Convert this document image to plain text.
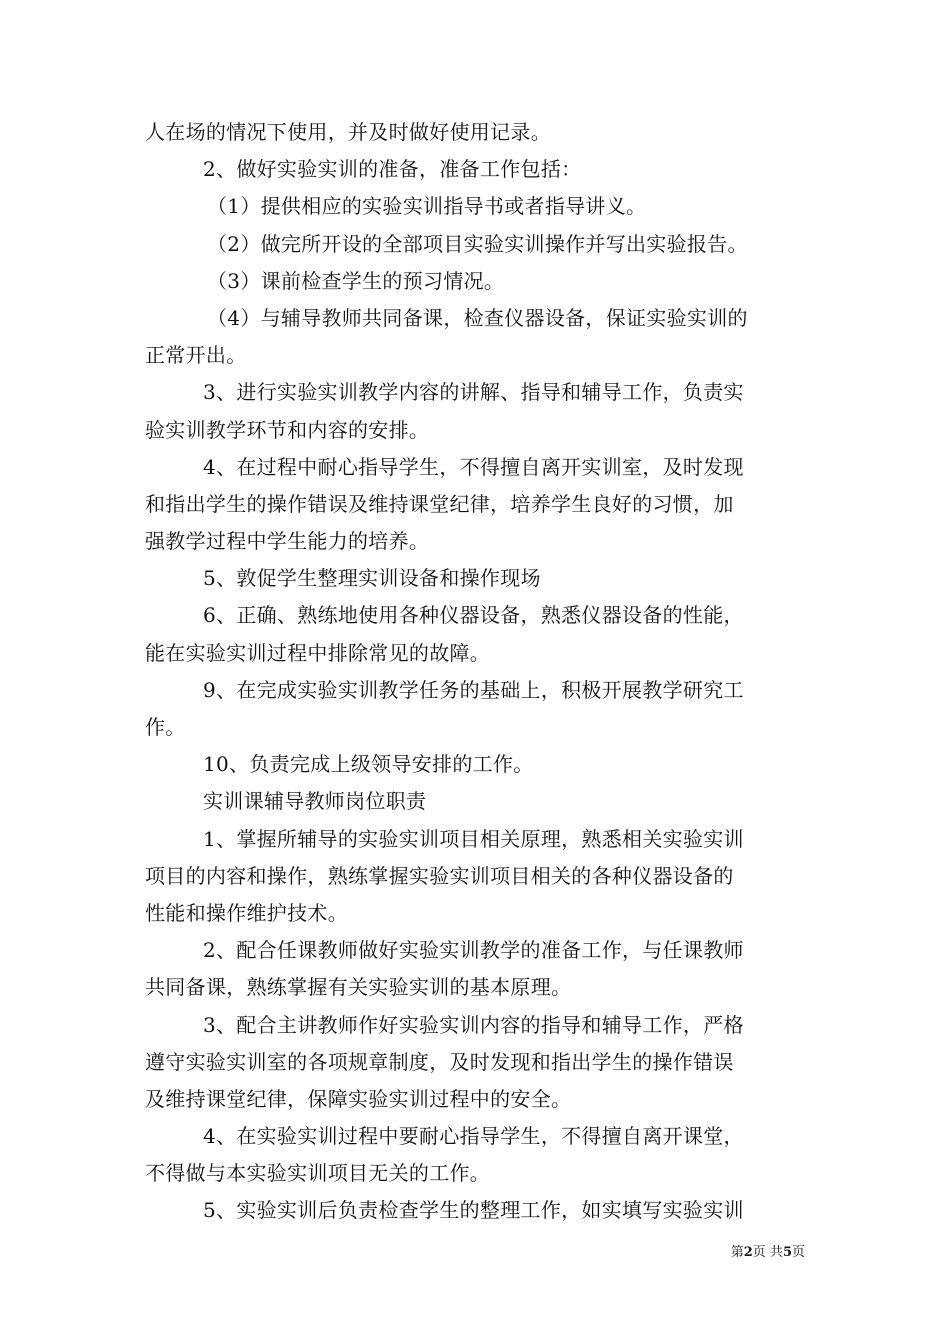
人在场的情况下使用，并及时做好使用记录。
2、做好实验实训的准备，准备工作包括：
（1）提供相应的实验实训指导书或者指导讲义。
（2）做完所开设的全部项目实验实训操作并写出实验报告。
（3）课前检查学生的预习情况。
（4）与辅导教师共同备课，检查仪器设备，保证实验实训的
正常开出。
3、进行实验实训教学内容的讲解、指导和辅导工作，负责实
验实训教学环节和内容的安排。
4、在过程中耐心指导学生，不得擅自离开实训室，及时发现
和指出学生的操作错误及维持课堂纪律，培养学生良好的习惯，加
强教学过程中学生能力的培养。
5、敦促学生整理实训设备和操作现场
6、正确、熟练地使用各种仪器设备，熟悉仪器设备的性能，
能在实验实训过程中排除常见的故障。
9、在完成实验实训教学任务的基础上，积极开展教学研究工
作。
10、负责完成上级领导安排的工作。
实训课辅导教师岗位职责
1、掌握所辅导的实验实训项目相关原理，熟悉相关实验实训
项目的内容和操作，熟练掌握实验实训项目相关的各种仪器设备的
性能和操作维护技术。
2、配合任课教师做好实验实训教学的准备工作，与任课教师
共同备课，熟练掌握有关实验实训的基本原理。
3、配合主讲教师作好实验实训内容的指导和辅导工作，严格
遵守实验实训室的各项规章制度，及时发现和指出学生的操作错误
及维持课堂纪律，保障实验实训过程中的安全。
4、在实验实训过程中要耐心指导学生，不得擅自离开课堂，
不得做与本实验实训项目无关的工作。
5、实验实训后负责检查学生的整理工作，如实填写实验实训
第2页 共5页
